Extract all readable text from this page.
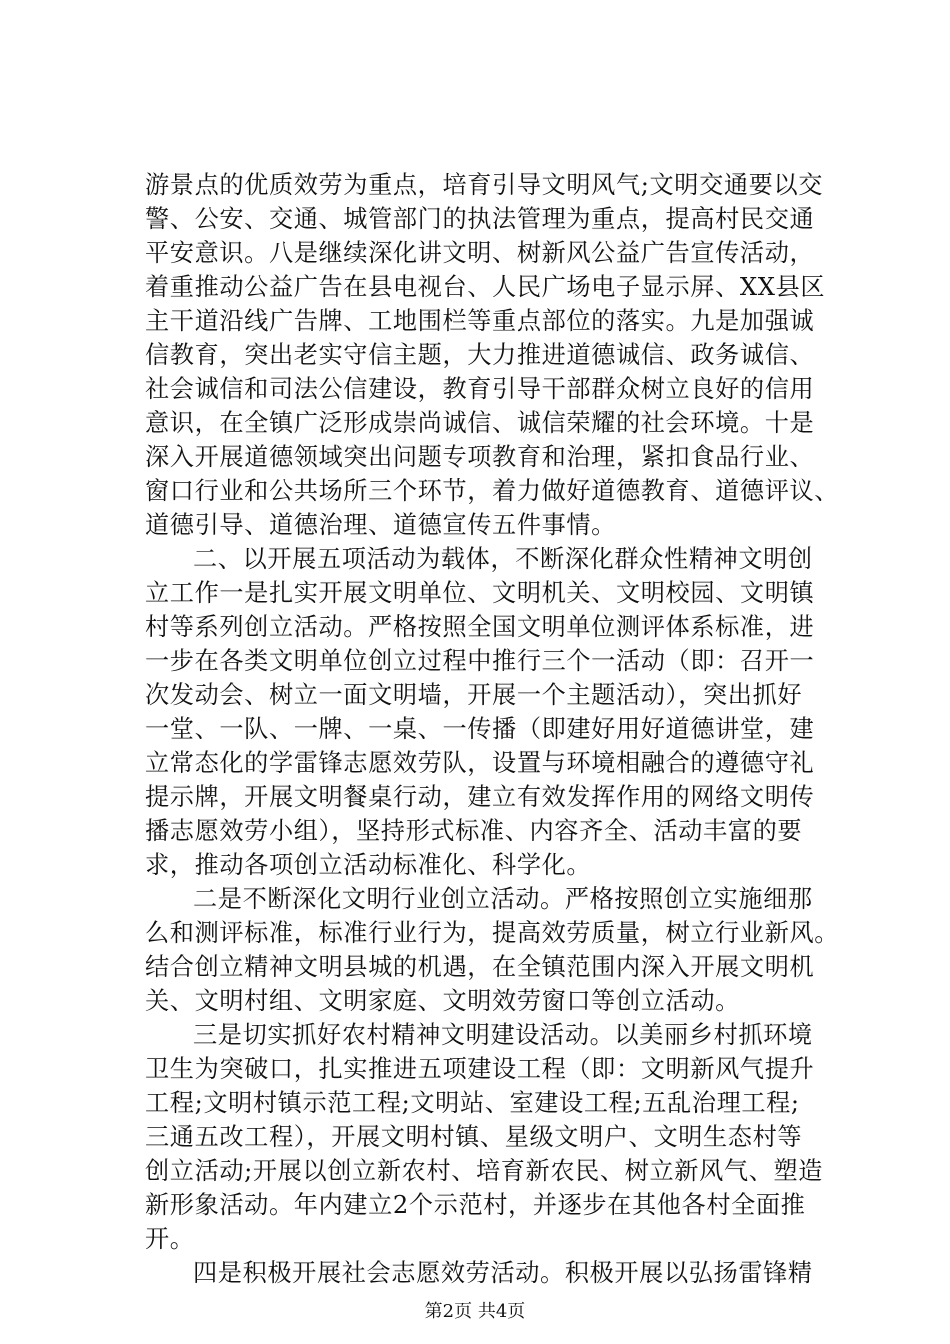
游景点的优质效劳为重点，培育引导文明风气;文明交通要以交
警、公安、交通、城管部门的执法管理为重点，提高村民交通
平安意识。八是继续深化讲文明、树新风公益广告宣传活动，
着重推动公益广告在县电视台、人民广场电子显示屏、XX县区
主干道沿线广告牌、工地围栏等重点部位的落实。九是加强诚
信教育，突出老实守信主题，大力推进道德诚信、政务诚信、
社会诚信和司法公信建设，教育引导干部群众树立良好的信用
意识，在全镇广泛形成崇尚诚信、诚信荣耀的社会环境。十是
深入开展道德领域突出问题专项教育和治理，紧扣食品行业、
窗口行业和公共场所三个环节，着力做好道德教育、道德评议、
道德引导、道德治理、道德宣传五件事情。
二、以开展五项活动为载体，不断深化群众性精神文明创
立工作一是扎实开展文明单位、文明机关、文明校园、文明镇
村等系列创立活动。严格按照全国文明单位测评体系标准，进
一步在各类文明单位创立过程中推行三个一活动（即：召开一
次发动会、树立一面文明墙，开展一个主题活动），突出抓好
一堂、一队、一牌、一桌、一传播（即建好用好道德讲堂，建
立常态化的学雷锋志愿效劳队，设置与环境相融合的遵德守礼
提示牌，开展文明餐桌行动，建立有效发挥作用的网络文明传
播志愿效劳小组），坚持形式标准、内容齐全、活动丰富的要
求，推动各项创立活动标准化、科学化。
二是不断深化文明行业创立活动。严格按照创立实施细那
么和测评标准，标准行业行为，提高效劳质量，树立行业新风。
结合创立精神文明县城的机遇，在全镇范围内深入开展文明机
关、文明村组、文明家庭、文明效劳窗口等创立活动。
三是切实抓好农村精神文明建设活动。以美丽乡村抓环境
卫生为突破口，扎实推进五项建设工程（即：文明新风气提升
工程;文明村镇示范工程;文明站、室建设工程;五乱治理工程;
三通五改工程），开展文明村镇、星级文明户、文明生态村等
创立活动;开展以创立新农村、培育新农民、树立新风气、塑造
新形象活动。年内建立2个示范村，并逐步在其他各村全面推
开。
四是积极开展社会志愿效劳活动。积极开展以弘扬雷锋精
第2页 共4页
